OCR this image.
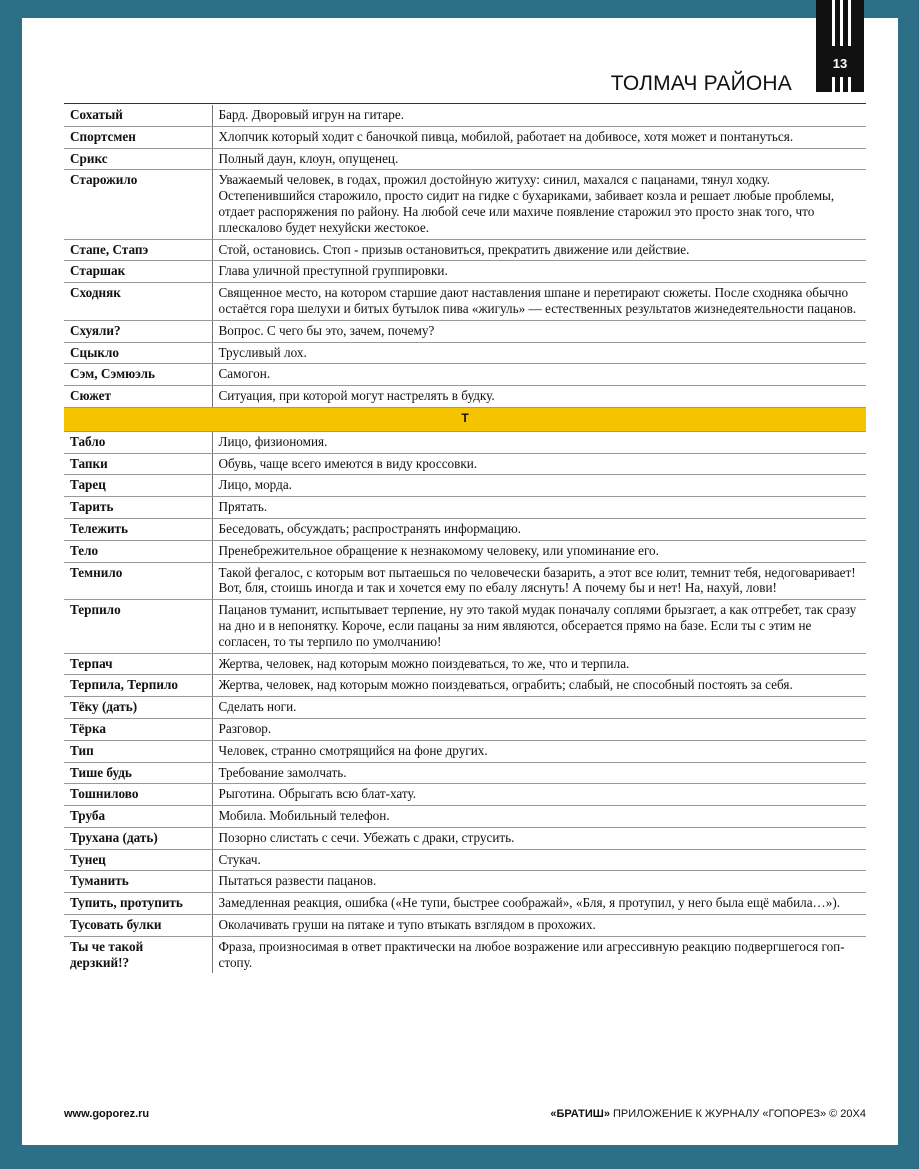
13
ТОЛМАЧ РАЙОНА
Сохатый	Бард. Дворовый игрун на гитаре.
Спортсмен	Хлопчик который ходит с баночкой пивца, мобилой, работает на добивосе, хотя может и понтануться.
Срикс	Полный даун, клоун, опущенец.
Старожило	Уважаемый человек, в годах, прожил достойную житуху: синил, махался с пацанами, тянул ходку. Остепенившийся старожило, просто сидит на гидке с бухариками, забивает козла и решает любые проблемы, отдает распоряжения по району. На любой сече или махиче появление старожил это просто знак того, что плескалово будет нехуйски жестокое.
Стапе, Стапэ	Стой, остановись. Стоп - призыв остановиться, прекратить движение или действие.
Старшак	Глава уличной преступной группировки.
Сходняк	Священное место, на котором старшие дают наставления шпане и перетирают сюжеты. После сходняка обычно остаётся гора шелухи и битых бутылок пива «жигуль» — естественных результатов жизнедеятельности пацанов.
Схуяли?	Вопрос. С чего бы это, зачем, почему?
Сцыкло	Трусливый лох.
Сэм, Сэмюэль	Самогон.
Сюжет	Ситуация, при которой могут настрелять в будку.
Т	
Табло	Лицо, физиономия.
Тапки	Обувь, чаще всего имеются в виду кроссовки.
Тарец	Лицо, морда.
Тарить	Прятать.
Тележить	Беседовать, обсуждать; распространять информацию.
Тело	Пренебрежительное обращение к незнакомому человеку, или упоминание его.
Темнило	Такой фегалос, с которым вот пытаешься по человечески базарить, а этот все юлит, темнит тебя, недоговаривает! Вот, бля, стоишь иногда и так и хочется ему по ебалу ляснуть! А почему бы и нет! На, нахуй, лови!
Терпило	Пацанов туманит, испытывает терпение, ну это такой мудак поначалу соплями брызгает, а как отгребет, так сразу на дно и в непонятку. Короче, если пацаны за ним являются, обсерается прямо на базе. Если ты с этим не согласен, то ты терпило по умолчанию!
Терпач	Жертва, человек, над которым можно поиздеваться, то же, что и терпила.
Терпила, Терпило	Жертва, человек, над которым можно поиздеваться, ограбить; слабый, не способный постоять за себя.
Тёку (дать)	Сделать ноги.
Тёрка	Разговор.
Тип	Человек, странно смотрящийся на фоне других.
Тише будь	Требование замолчать.
Тошнилово	Рыготина. Обрыгать всю блат-хату.
Труба	Мобила. Мобильный телефон.
Трухана (дать)	Позорно слистать с сечи. Убежать с драки, струсить.
Тунец	Стукач.
Туманить	Пытаться развести пацанов.
Тупить, протупить	Замедленная реакция, ошибка («Не тупи, быстрее соображай», «Бля, я протупил, у него была ещё мабила…»).
Тусовать булки	Околачивать груши на пятаке и тупо втыкать взглядом в прохожих.
Ты че такой дерзкий!?	Фраза, произносимая в ответ практически на любое возражение или агрессивную реакцию подвергшегося гоп-стопу.
www.goporez.ru	«БРАТИШ» ПРИЛОЖЕНИЕ К ЖУРНАЛУ «ГОПОРЕЗ» © 20X4
